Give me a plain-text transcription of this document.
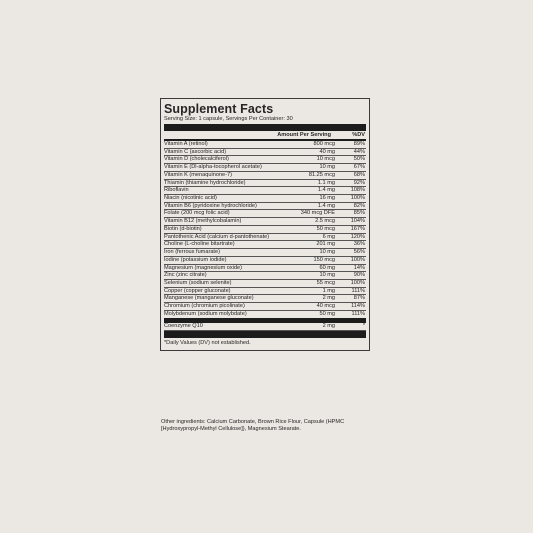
Supplement Facts
Serving Size: 1 capsule, Servings Per Container: 30
Amount Per Serving	%DV
Vitamin A (retinol)	800 mcg	89%
Vitamin C (ascorbic acid)	40 mg	44%
Vitamin D (cholecalciferol)	10 mcg	50%
Vitamin E (Dl-alpha-tocopherol acetate)	10 mg	67%
Vitamin K (menaquinone-7)	81.25 mcg	68%
Thiamin (thiamine hydrochloride)	1.1 mg	92%
Riboflavin	1.4 mg	108%
Niacin (nicotinic acid)	16 mg	100%
Vitamin B6 (pyridoxine hydrochloride)	1.4 mg	82%
Folate (200 mcg folic acid)	340 mcg DFE	85%
Vitamin B12 (methylcobalamin)	2.5 mcg	104%
Biotin (d-biotin)	50 mcg	167%
Pantothenic Acid (calcium d-pantothenate)	6 mg	120%
Choline (L-choline bitartrate)	201 mg	36%
Iron (ferrous fumarate)	10 mg	56%
Iodine (potassium iodide)	150 mcg	100%
Magnesium (magnesium oxide)	60 mg	14%
Zinc (zinc citrate)	10 mg	90%
Selenium (sodium selenite)	55 mcg	100%
Copper (copper gluconate)	1 mg	111%
Manganese (manganese gluconate)	2 mg	87%
Chromium (chromium picolinate)	40 mcg	114%
Molybdenum (sodium molybdate)	50 mg	111%
Coenzyme Q10	2 mg	*
*Daily Values (DV) not established.
Other ingredients: Calcium Carbonate, Brown Rice Flour, Capsule (HPMC [Hydroxypropyl-Methyl Cellulose]), Magnesium Stearate.
